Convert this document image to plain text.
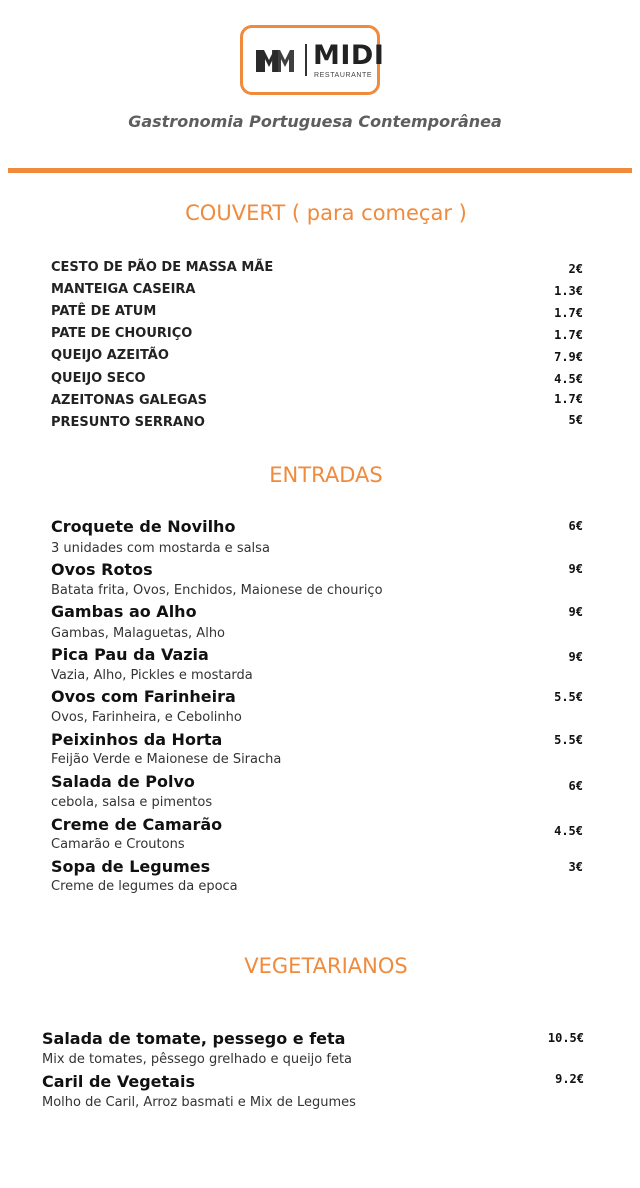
MIDI
RESTAURANTE
Gastronomia Portuguesa Contemporânea
COUVERT ( para começar )
CESTO DE PÃO DE MASSA MÃE	2€
MANTEIGA CASEIRA	1.3€
PATÊ DE ATUM	1.7€
PATE DE CHOURIÇO	1.7€
QUEIJO AZEITÃO	7.9€
QUEIJO SECO	4.5€
AZEITONAS GALEGAS	1.7€
PRESUNTO SERRANO	5€
ENTRADAS
Croquete de Novilho	6€
3 unidades com mostarda e salsa
Ovos Rotos	9€
Batata frita, Ovos, Enchidos, Maionese de chouriço
Gambas ao Alho	9€
Gambas, Malaguetas, Alho
Pica Pau da Vazia	9€
Vazia, Alho, Pickles e mostarda
Ovos com Farinheira	5.5€
Ovos, Farinheira, e Cebolinho
Peixinhos da Horta	5.5€
Feijão Verde e Maionese de Siracha
Salada de Polvo	6€
cebola, salsa e pimentos
Creme de Camarão	4.5€
Camarão e Croutons
Sopa de Legumes	3€
Creme de legumes da epoca
VEGETARIANOS
Salada de tomate, pessego e feta	10.5€
Mix de tomates, pêssego grelhado e queijo feta
Caril de Vegetais	9.2€
Molho de Caril, Arroz basmati e Mix de Legumes
